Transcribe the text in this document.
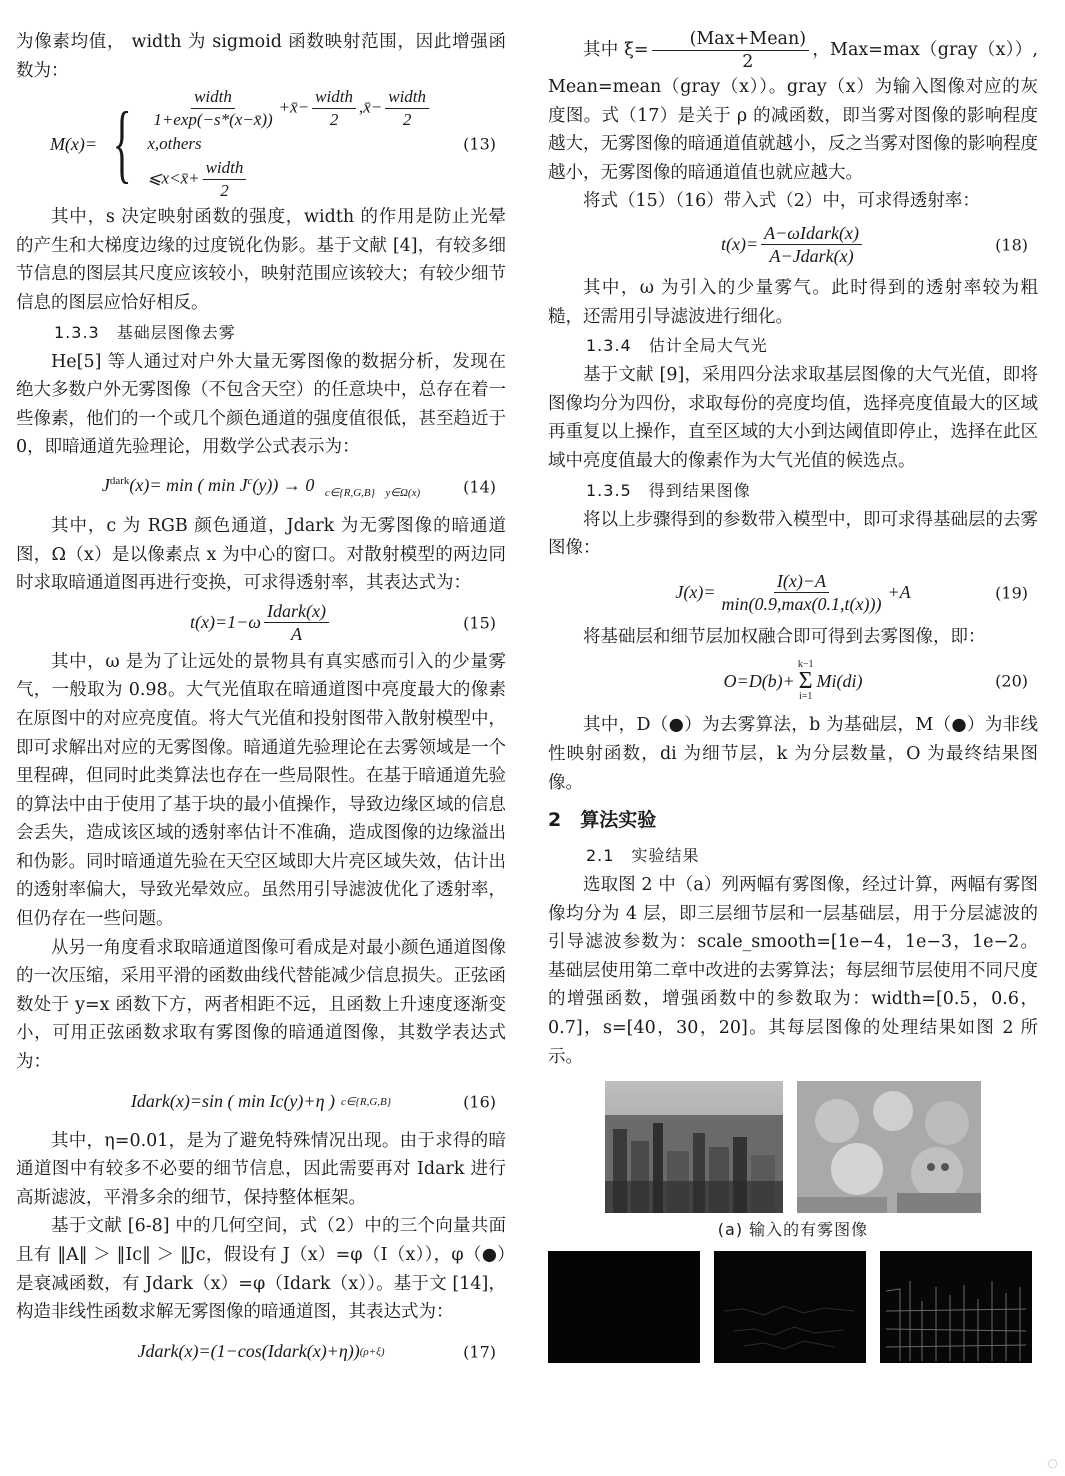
为像素均值， width 为 sigmoid 函数映射范围，因此增强函数为：

M(x)= { $\frac{\text{width}}{1+\exp(-s*(x-x̄))}$ +x̄− $\frac{\text{width}}{2}$ ,x̄− $\frac{\text{width}}{2}$
x,others
⩽x<x̄+ $\frac{\text{width}}{2}$
(13)

其中，s 决定映射函数的强度，width 的作用是防止光晕的产生和大梯度边缘的过度锐化伪影。基于文献 [4]，有较多细节信息的图层其尺度应该较小，映射范围应该较大；有较少细节信息的图层应恰好相反。

1.3.3　基础层图像去雾

He[5] 等人通过对户外大量无雾图像的数据分析，发现在绝大多数户外无雾图像（不包含天空）的任意块中，总存在着一些像素，他们的一个或几个颜色通道的强度值很低，甚至趋近于 0，即暗通道先验理论，用数学公式表示为：

$J^{dark}(x)= \min$ ( $\min J^c(y)) \to 0$ $_{c\in\{R,G,B\}}$ $_{y\in\Omega(x)}$	(14)

其中，c 为 RGB 颜色通道，Jdark 为无雾图像的暗通道图，Ω（x）是以像素点 x 为中心的窗口。对散射模型的两边同时求取暗通道图再进行变换，可求得透射率，其表达式为：

$t(x)=1-\omega \frac{\text{Idark(x)}}{A}$	(15)

其中，ω 是为了让远处的景物具有真实感而引入的少量雾气，一般取为 0.98。大气光值取在暗通道图中亮度最大的像素在原图中的对应亮度值。将大气光值和投射图带入散射模型中，即可求解出对应的无雾图像。暗通道先验理论在去雾领域是一个里程碑，但同时此类算法也存在一些局限性。在基于暗通道先验的算法中由于使用了基于块的最小值操作，导致边缘区域的信息会丢失，造成该区域的透射率估计不准确，造成图像的边缘溢出和伪影。同时暗通道先验在天空区域即大片亮区域失效，估计出的透射率偏大，导致光晕效应。虽然用引导滤波优化了透射率，但仍存在一些问题。

从另一角度看求取暗通道图像可看成是对最小颜色通道图像的一次压缩，采用平滑的函数曲线代替能减少信息损失。正弦函数处于 y=x 函数下方，两者相距不远，且函数上升速度逐渐变小，可用正弦函数求取有雾图像的暗通道图像，其数学表达式为：

Idark(x)=sin ( min Ic(y)+η ) c∈{R,G,B}	(16)

其中，η=0.01，是为了避免特殊情况出现。由于求得的暗通道图中有较多不必要的细节信息，因此需要再对 Idark 进行高斯滤波，平滑多余的细节，保持整体框架。

基于文献 [6-8] 中的几何空间，式（2）中的三个向量共面且有 ‖A‖ ＞ ‖Ic‖ ＞ ‖Jc，假设有 J（x）=φ（I（x）），φ（●）是衰减函数，有 Jdark（x）=φ（Idark（x））。基于文 [14]，构造非线性函数求解无雾图像的暗通道图，其表达式为：

Jdark(x)=(1−cos(Idark(x)+η)) (ρ+ξ)	(17)

其中 $\xi= \frac{\text{(Max+Mean)}}{2}$ ，Max=max（gray（x））, Mean=mean（gray（x））。gray（x）为输入图像对应的灰度图。式（17）是关于 ρ 的减函数，即当雾对图像的影响程度越大，无雾图像的暗通道值就越小，反之当雾对图像的影响程度越小，无雾图像的暗通道值也就应越大。

将式（15）（16）带入式（2）中，可求得透射率：

$t(x)= \frac{\text{A−ωIdark(x)}}{\text{A−Jdark(x)}}$	(18)

其中，ω 为引入的少量雾气。此时得到的透射率较为粗糙，还需用引导滤波进行细化。

1.3.4　估计全局大气光

基于文献 [9]，采用四分法求取基层图像的大气光值，即将图像均分为四份，求取每份的亮度均值，选择亮度值最大的区域再重复以上操作，直至区域的大小到达阈值即停止，选择在此区域中亮度值最大的像素作为大气光值的候选点。

1.3.5　得到结果图像

将以上步骤得到的参数带入模型中，即可求得基础层的去雾图像：

$J(x)= \frac{I(x)-A}{\min(0.9,\max(0.1,t(x)))} +A$	(19)

将基础层和细节层加权融合即可得到去雾图像，即：

O=D(b)+
k−1
Σ
i=1
Mi(di)	(20)

其中，D（●）为去雾算法，b 为基础层，M（●）为非线性映射函数，di 为细节层，k 为分层数量，O 为最终结果图像。

2　算法实验

2.1　实验结果

选取图 2 中（a）列两幅有雾图像，经过计算，两幅有雾图像均分为 4 层，即三层细节层和一层基础层，用于分层滤波的引导滤波参数为：scale_smooth=[1e−4，1e−3，1e−2。基础层使用第二章中改进的去雾算法；每层细节层使用不同尺度的增强函数，增强函数中的参数取为：width=[0.5，0.6，0.7]，s=[40，30，20]。其每层图像的处理结果如图 2 所示。

(a) 输入的有雾图像
○
